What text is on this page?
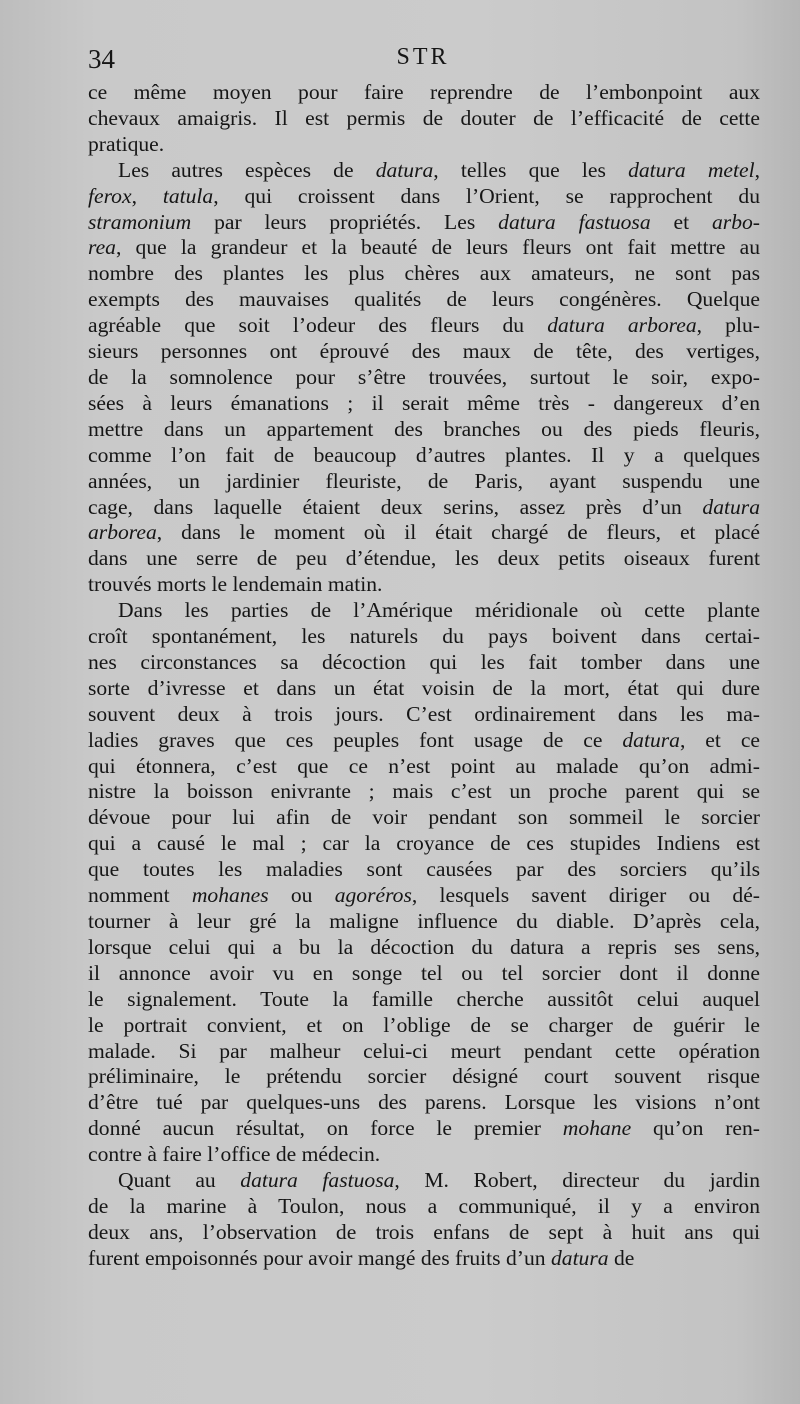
34	STR
ce même moyen pour faire reprendre de l’embonpoint aux
chevaux amaigris. Il est permis de douter de l’efficacité de cette
pratique.
Les autres espèces de datura, telles que les datura metel,
ferox, tatula, qui croissent dans l’Orient, se rapprochent du
stramonium par leurs propriétés. Les datura fastuosa et arbo-
rea, que la grandeur et la beauté de leurs fleurs ont fait mettre au
nombre des plantes les plus chères aux amateurs, ne sont pas
exempts des mauvaises qualités de leurs congénères. Quelque
agréable que soit l’odeur des fleurs du datura arborea, plu-
sieurs personnes ont éprouvé des maux de tête, des vertiges,
de la somnolence pour s’être trouvées, surtout le soir, expo-
sées à leurs émanations ; il serait même très - dangereux d’en
mettre dans un appartement des branches ou des pieds fleuris,
comme l’on fait de beaucoup d’autres plantes. Il y a quelques
années, un jardinier fleuriste, de Paris, ayant suspendu une
cage, dans laquelle étaient deux serins, assez près d’un datura
arborea, dans le moment où il était chargé de fleurs, et placé
dans une serre de peu d’étendue, les deux petits oiseaux furent
trouvés morts le lendemain matin.
Dans les parties de l’Amérique méridionale où cette plante
croît spontanément, les naturels du pays boivent dans certai-
nes circonstances sa décoction qui les fait tomber dans une
sorte d’ivresse et dans un état voisin de la mort, état qui dure
souvent deux à trois jours. C’est ordinairement dans les ma-
ladies graves que ces peuples font usage de ce datura, et ce
qui étonnera, c’est que ce n’est point au malade qu’on admi-
nistre la boisson enivrante ; mais c’est un proche parent qui se
dévoue pour lui afin de voir pendant son sommeil le sorcier
qui a causé le mal ; car la croyance de ces stupides Indiens est
que toutes les maladies sont causées par des sorciers qu’ils
nomment mohanes ou agoréros, lesquels savent diriger ou dé-
tourner à leur gré la maligne influence du diable. D’après cela,
lorsque celui qui a bu la décoction du datura a repris ses sens,
il annonce avoir vu en songe tel ou tel sorcier dont il donne
le signalement. Toute la famille cherche aussitôt celui auquel
le portrait convient, et on l’oblige de se charger de guérir le
malade. Si par malheur celui-ci meurt pendant cette opération
préliminaire, le prétendu sorcier désigné court souvent risque
d’être tué par quelques-uns des parens. Lorsque les visions n’ont
donné aucun résultat, on force le premier mohane qu’on ren-
contre à faire l’office de médecin.
Quant au datura fastuosa, M. Robert, directeur du jardin
de la marine à Toulon, nous a communiqué, il y a environ
deux ans, l’observation de trois enfans de sept à huit ans qui
furent empoisonnés pour avoir mangé des fruits d’un datura de
